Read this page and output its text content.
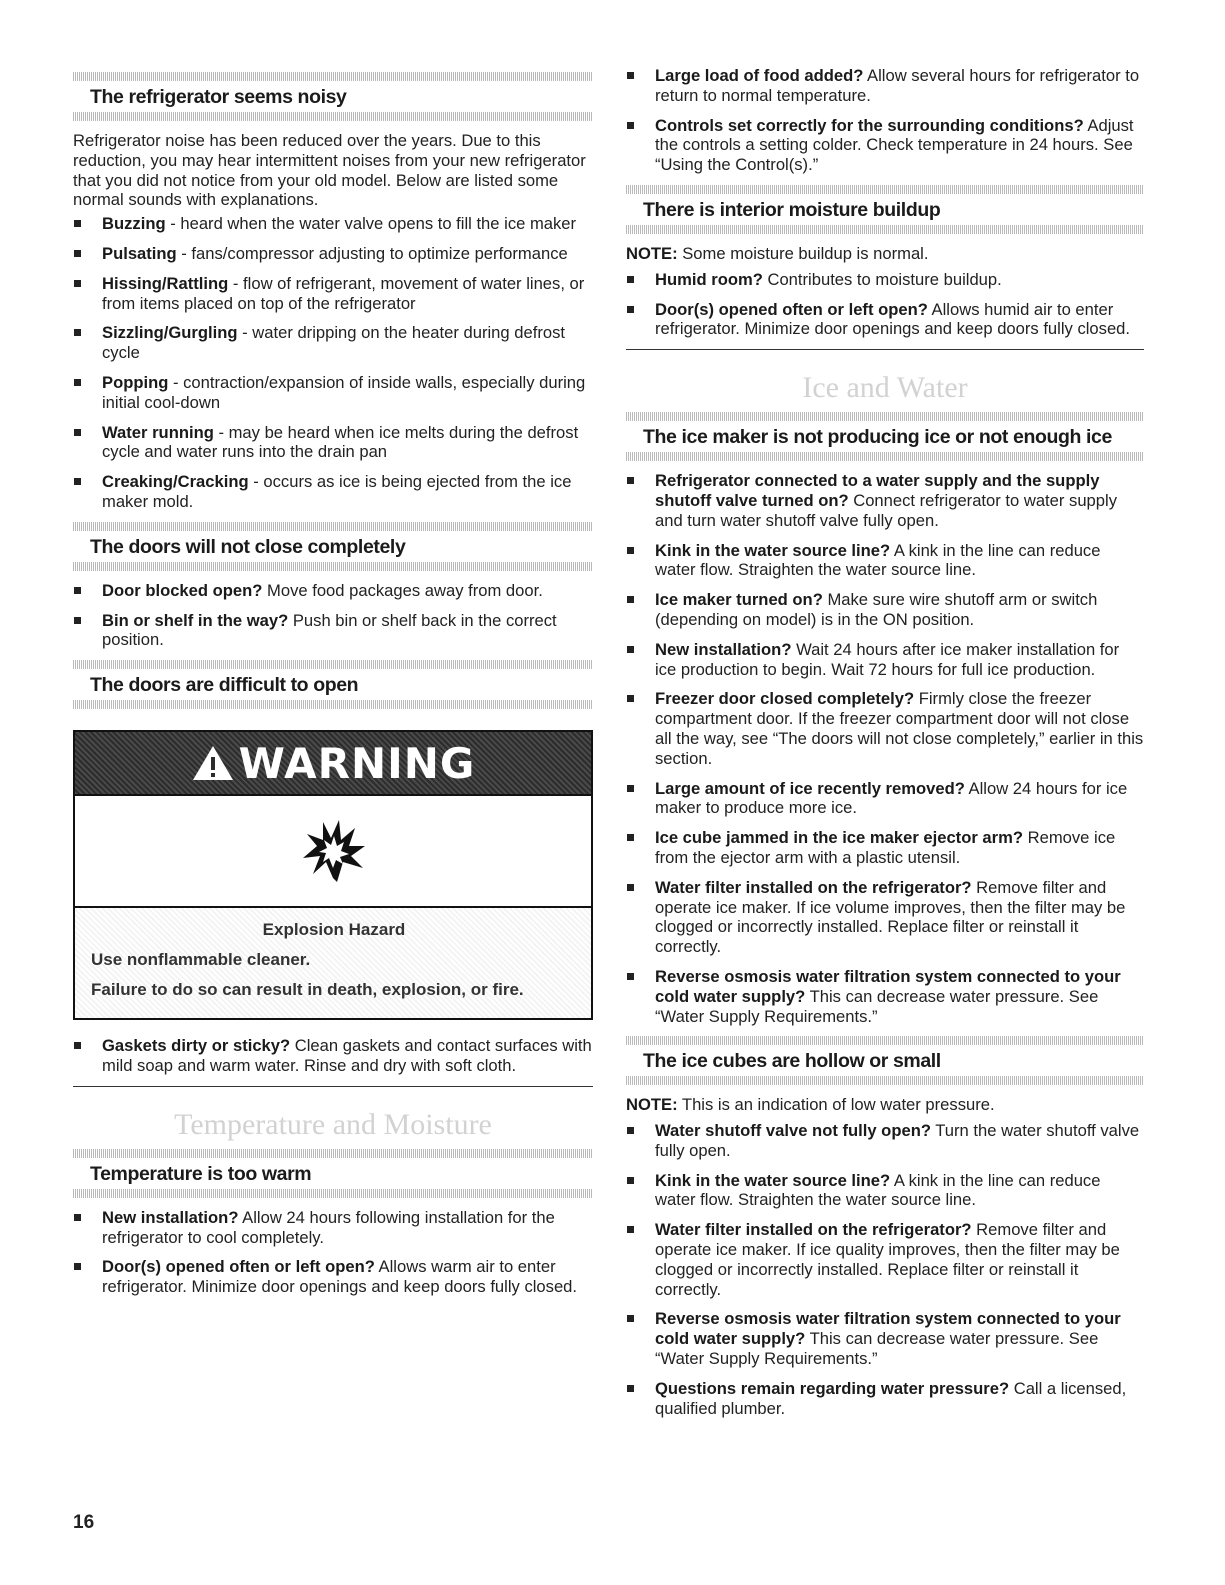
The refrigerator seems noisy

Refrigerator noise has been reduced over the years. Due to this reduction, you may hear intermittent noises from your new refrigerator that you did not notice from your old model. Below are listed some normal sounds with explanations.

Buzzing - heard when the water valve opens to fill the ice maker
Pulsating - fans/compressor adjusting to optimize performance
Hissing/Rattling - flow of refrigerant, movement of water lines, or from items placed on top of the refrigerator
Sizzling/Gurgling - water dripping on the heater during defrost cycle
Popping - contraction/expansion of inside walls, especially during initial cool-down
Water running - may be heard when ice melts during the defrost cycle and water runs into the drain pan
Creaking/Cracking - occurs as ice is being ejected from the ice maker mold.
The doors will not close completely
Door blocked open? Move food packages away from door.
Bin or shelf in the way? Push bin or shelf back in the correct position.
The doors are difficult to open
WARNING
Explosion Hazard
Use nonflammable cleaner.
Failure to do so can result in death, explosion, or fire.
Gaskets dirty or sticky? Clean gaskets and contact surfaces with mild soap and warm water. Rinse and dry with soft cloth.
Temperature and Moisture
Temperature is too warm
New installation? Allow 24 hours following installation for the refrigerator to cool completely.
Door(s) opened often or left open? Allows warm air to enter refrigerator. Minimize door openings and keep doors fully closed.
Large load of food added? Allow several hours for refrigerator to return to normal temperature.
Controls set correctly for the surrounding conditions? Adjust the controls a setting colder. Check temperature in 24 hours. See “Using the Control(s).”
There is interior moisture buildup

NOTE: Some moisture buildup is normal.

Humid room? Contributes to moisture buildup.
Door(s) opened often or left open? Allows humid air to enter refrigerator. Minimize door openings and keep doors fully closed.
Ice and Water
The ice maker is not producing ice or not enough ice
Refrigerator connected to a water supply and the supply shutoff valve turned on? Connect refrigerator to water supply and turn water shutoff valve fully open.
Kink in the water source line? A kink in the line can reduce water flow. Straighten the water source line.
Ice maker turned on? Make sure wire shutoff arm or switch (depending on model) is in the ON position.
New installation? Wait 24 hours after ice maker installation for ice production to begin. Wait 72 hours for full ice production.
Freezer door closed completely? Firmly close the freezer compartment door. If the freezer compartment door will not close all the way, see “The doors will not close completely,” earlier in this section.
Large amount of ice recently removed? Allow 24 hours for ice maker to produce more ice.
Ice cube jammed in the ice maker ejector arm? Remove ice from the ejector arm with a plastic utensil.
Water filter installed on the refrigerator? Remove filter and operate ice maker. If ice volume improves, then the filter may be clogged or incorrectly installed. Replace filter or reinstall it correctly.
Reverse osmosis water filtration system connected to your cold water supply? This can decrease water pressure. See “Water Supply Requirements.”
The ice cubes are hollow or small

NOTE: This is an indication of low water pressure.

Water shutoff valve not fully open? Turn the water shutoff valve fully open.
Kink in the water source line? A kink in the line can reduce water flow. Straighten the water source line.
Water filter installed on the refrigerator? Remove filter and operate ice maker. If ice quality improves, then the filter may be clogged or incorrectly installed. Replace filter or reinstall it correctly.
Reverse osmosis water filtration system connected to your cold water supply? This can decrease water pressure. See “Water Supply Requirements.”
Questions remain regarding water pressure? Call a licensed, qualified plumber.
16
